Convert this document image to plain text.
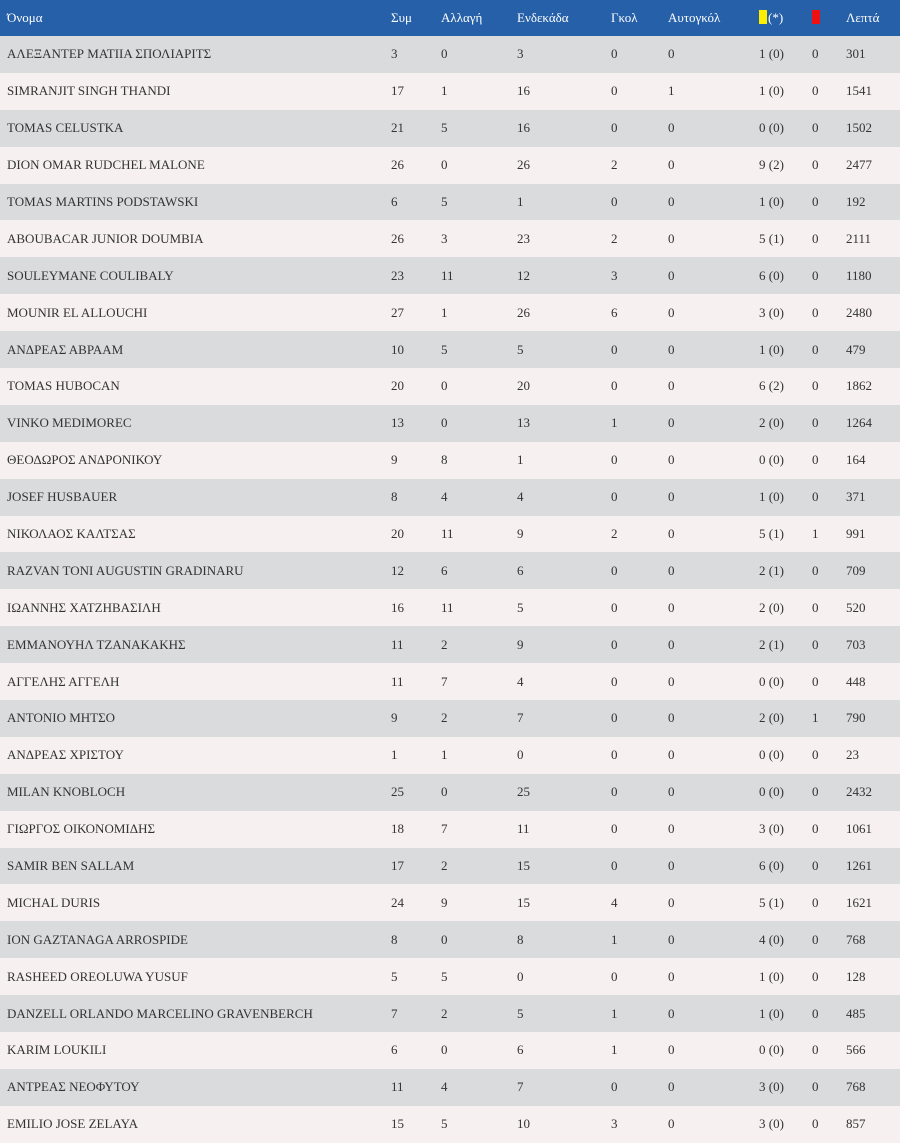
Όνομα	Συμ	Αλλαγή	Ενδεκάδα	Γκολ	Αυτογκόλ	(*)		Λεπτά
ΑΛΕΞΑΝΤΕΡ ΜΑΤΙΙΑ ΣΠΟΛΙΑΡΙΤΣ	3	0	3	0	0	1 (0)	0	301
SIMRANJIT SINGH THANDI	17	1	16	0	1	1 (0)	0	1541
TOMAS CELUSTKA	21	5	16	0	0	0 (0)	0	1502
DION OMAR RUDCHEL MALONE	26	0	26	2	0	9 (2)	0	2477
TOMAS MARTINS PODSTAWSKI	6	5	1	0	0	1 (0)	0	192
ABOUBACAR JUNIOR DOUMBIA	26	3	23	2	0	5 (1)	0	2111
SOULEYMANE COULIBALY	23	11	12	3	0	6 (0)	0	1180
MOUNIR EL ALLOUCHI	27	1	26	6	0	3 (0)	0	2480
ΑΝΔΡΕΑΣ ΑΒΡΑΑΜ	10	5	5	0	0	1 (0)	0	479
TOMAS HUBOCAN	20	0	20	0	0	6 (2)	0	1862
VINKO MEDIMOREC	13	0	13	1	0	2 (0)	0	1264
ΘΕΟΔΩΡΟΣ ΑΝΔΡΟΝΙΚΟΥ	9	8	1	0	0	0 (0)	0	164
JOSEF HUSBAUER	8	4	4	0	0	1 (0)	0	371
ΝΙΚΟΛΑΟΣ ΚΑΛΤΣΑΣ	20	11	9	2	0	5 (1)	1	991
RAZVAN TONI AUGUSTIN GRADINARU	12	6	6	0	0	2 (1)	0	709
ΙΩΑΝΝΗΣ ΧΑΤΖΗΒΑΣΙΛΗ	16	11	5	0	0	2 (0)	0	520
ΕΜΜΑΝΟΥΗΛ ΤΖΑΝΑΚΑΚΗΣ	11	2	9	0	0	2 (1)	0	703
ΑΓΓΕΛΗΣ ΑΓΓΕΛΗ	11	7	4	0	0	0 (0)	0	448
ANTONIO ΜΗΤΣΟ	9	2	7	0	0	2 (0)	1	790
ΑΝΔΡΕΑΣ ΧΡΙΣΤΟΥ	1	1	0	0	0	0 (0)	0	23
MILAN KNOBLOCH	25	0	25	0	0	0 (0)	0	2432
ΓΙΩΡΓΟΣ ΟΙΚΟΝΟΜΙΔΗΣ	18	7	11	0	0	3 (0)	0	1061
SAMIR BEN SALLAM	17	2	15	0	0	6 (0)	0	1261
MICHAL DURIS	24	9	15	4	0	5 (1)	0	1621
ION GAZTANAGA ARROSPIDE	8	0	8	1	0	4 (0)	0	768
RASHEED OREOLUWA YUSUF	5	5	0	0	0	1 (0)	0	128
DANZELL ORLANDO MARCELINO GRAVENBERCH	7	2	5	1	0	1 (0)	0	485
KARIM LOUKILI	6	0	6	1	0	0 (0)	0	566
ΑΝΤΡΕΑΣ ΝΕΟΦΥΤΟΥ	11	4	7	0	0	3 (0)	0	768
EMILIO JOSE ZELAYA	15	5	10	3	0	3 (0)	0	857
